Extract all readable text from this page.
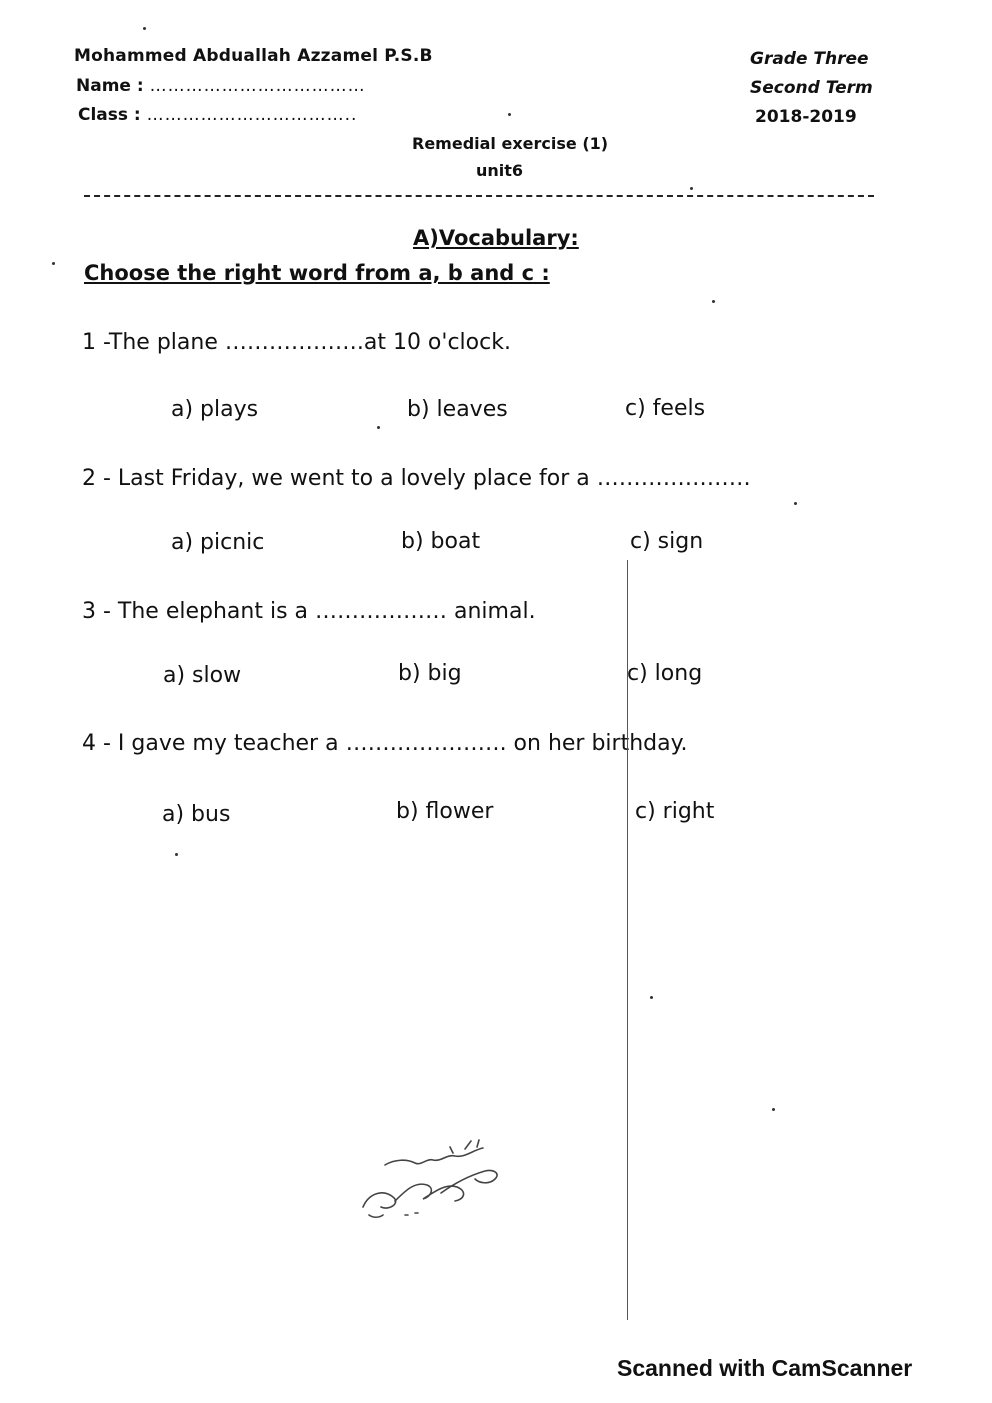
Mohammed Abduallah Azzamel P.S.B
Name : ………………………………
Class : ……………………………..
Grade Three
Second Term
2018-2019
Remedial exercise (1)
unit6
A)Vocabulary:
Choose the right word from a, b and c :
1 -The plane ……………….at 10 o'clock.
a) plays	b) leaves	c) feels
2 - Last Friday, we went to a lovely place for a …………………
a) picnic	b) boat	c) sign
3 - The elephant is a ……………… animal.
a) slow	b) big	c) long
4 - I gave my teacher a …………………. on her birthday.
a) bus	b) flower	c) right
Scanned with CamScanner
